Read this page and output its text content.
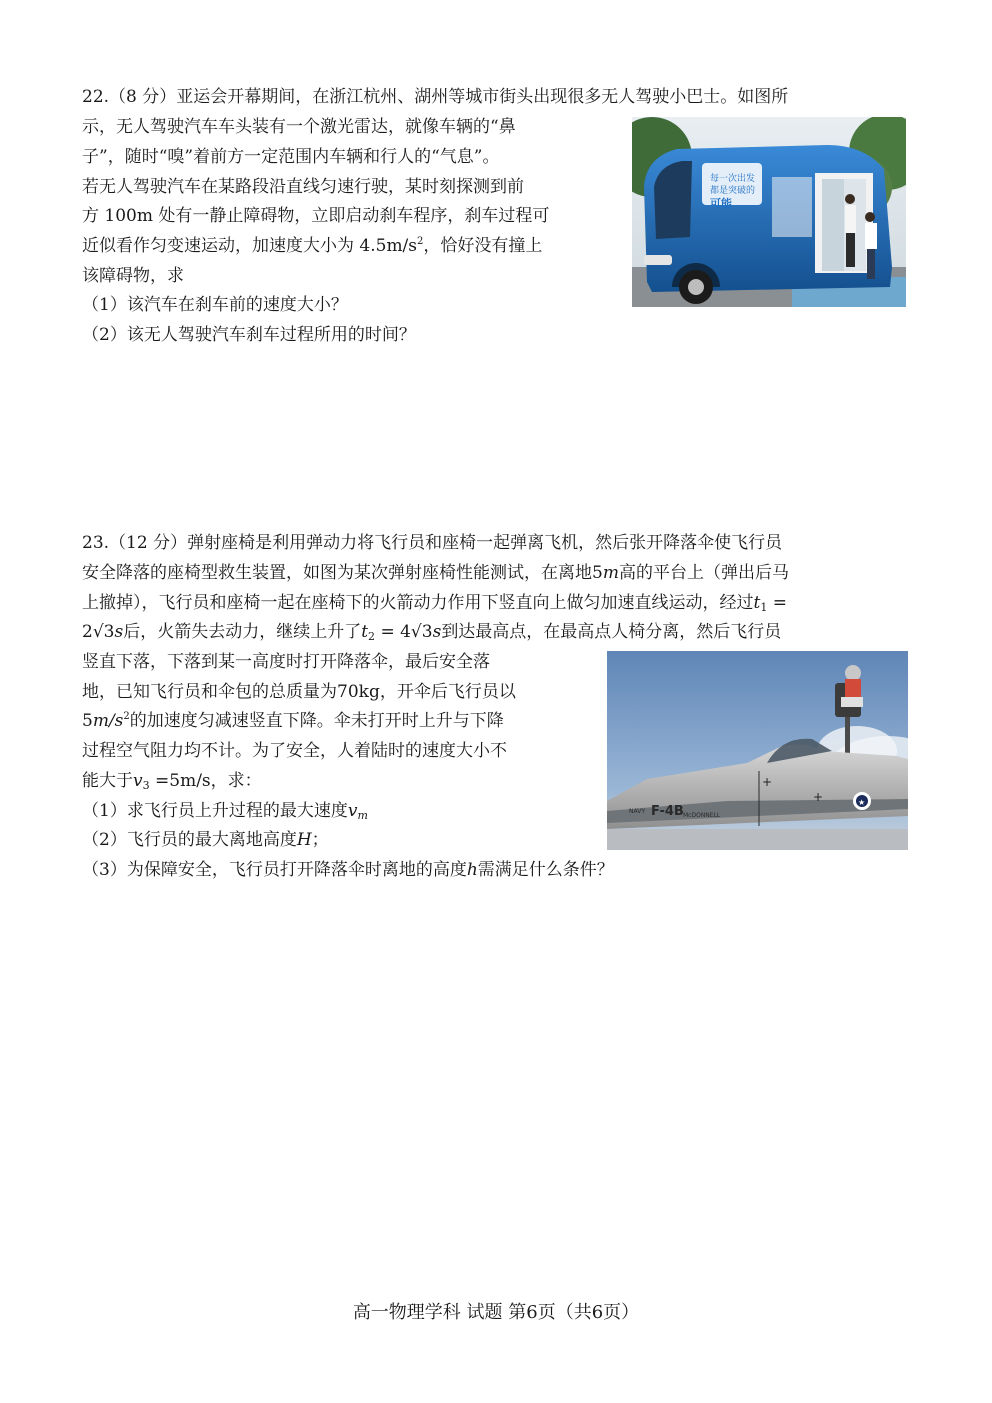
22.（8 分）亚运会开幕期间，在浙江杭州、湖州等城市街头出现很多无人驾驶小巴士。如图所
示，无人驾驶汽车车头装有一个激光雷达，就像车辆的“鼻
子”，随时“嗅”着前方一定范围内车辆和行人的“气息”。
若无人驾驶汽车在某路段沿直线匀速行驶，某时刻探测到前
方 100m 处有一静止障碍物，立即启动刹车程序，刹车过程可
近似看作匀变速运动，加速度大小为 $4.5m/s^2$，恰好没有撞上
该障碍物，求
（1）该汽车在刹车前的速度大小？
（2）该无人驾驶汽车刹车过程所用的时间？
每一次出发
都是突破的
可能
23.（12 分）弹射座椅是利用弹动力将飞行员和座椅一起弹离飞机，然后张开降落伞使飞行员
安全降落的座椅型救生装置，如图为某次弹射座椅性能测试，在离地5m高的平台上（弹出后马
上撤掉），飞行员和座椅一起在座椅下的火箭动力作用下竖直向上做匀加速直线运动，经过$t_1$ =
2√3s后，火箭失去动力，继续上升了$t_2 = 4√3s$到达最高点，在最高点人椅分离，然后飞行员
竖直下落，下落到某一高度时打开降落伞，最后安全落
地，已知飞行员和伞包的总质量为70kg，开伞后飞行员以
$5m/s^2$的加速度匀减速竖直下降。伞未打开时上升与下降
过程空气阻力均不计。为了安全，人着陆时的速度大小不
能大于$v_3 =5m/s$，求：
（1）求飞行员上升过程的最大速度$v_m$
（2）飞行员的最大离地高度H；
（3）为保障安全，飞行员打开降落伞时离地的高度h需满足什么条件？
+
+	★
NAVY F-4B McDONNELL
高一物理学科 试题 第6页（共6页）
